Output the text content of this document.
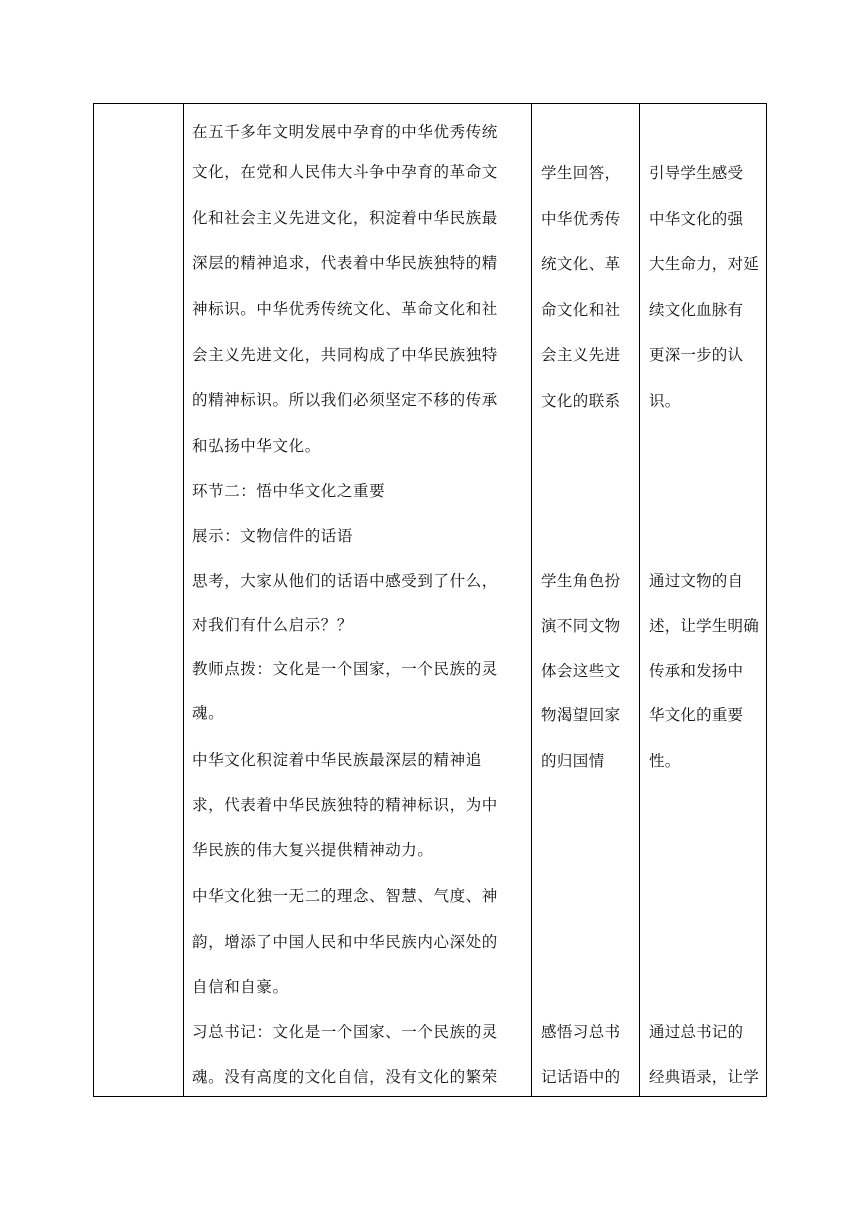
在五千多年文明发展中孕育的中华优秀传统
文化，在党和人民伟大斗争中孕育的革命文
化和社会主义先进文化，积淀着中华民族最
深层的精神追求，代表着中华民族独特的精
神标识。中华优秀传统文化、革命文化和社
会主义先进文化，共同构成了中华民族独特
的精神标识。所以我们必须坚定不移的传承
和弘扬中华文化。
环节二：悟中华文化之重要
展示：文物信件的话语
思考，大家从他们的话语中感受到了什么，
对我们有什么启示？？
教师点拨：文化是一个国家，一个民族的灵
魂。
中华文化积淀着中华民族最深层的精神追
求，代表着中华民族独特的精神标识，为中
华民族的伟大复兴提供精神动力。
中华文化独一无二的理念、智慧、气度、神
韵，增添了中国人民和中华民族内心深处的
自信和自豪。
习总书记：文化是一个国家、一个民族的灵
魂。没有高度的文化自信，没有文化的繁荣
学生回答，
中华优秀传
统文化、革
命文化和社
会主义先进
文化的联系
学生角色扮
演不同文物
体会这些文
物渴望回家
的归国情
感悟习总书
记话语中的
引导学生感受
中华文化的强
大生命力，对延
续文化血脉有
更深一步的认
识。
通过文物的自
述，让学生明确
传承和发扬中
华文化的重要
性。
通过总书记的
经典语录，让学
